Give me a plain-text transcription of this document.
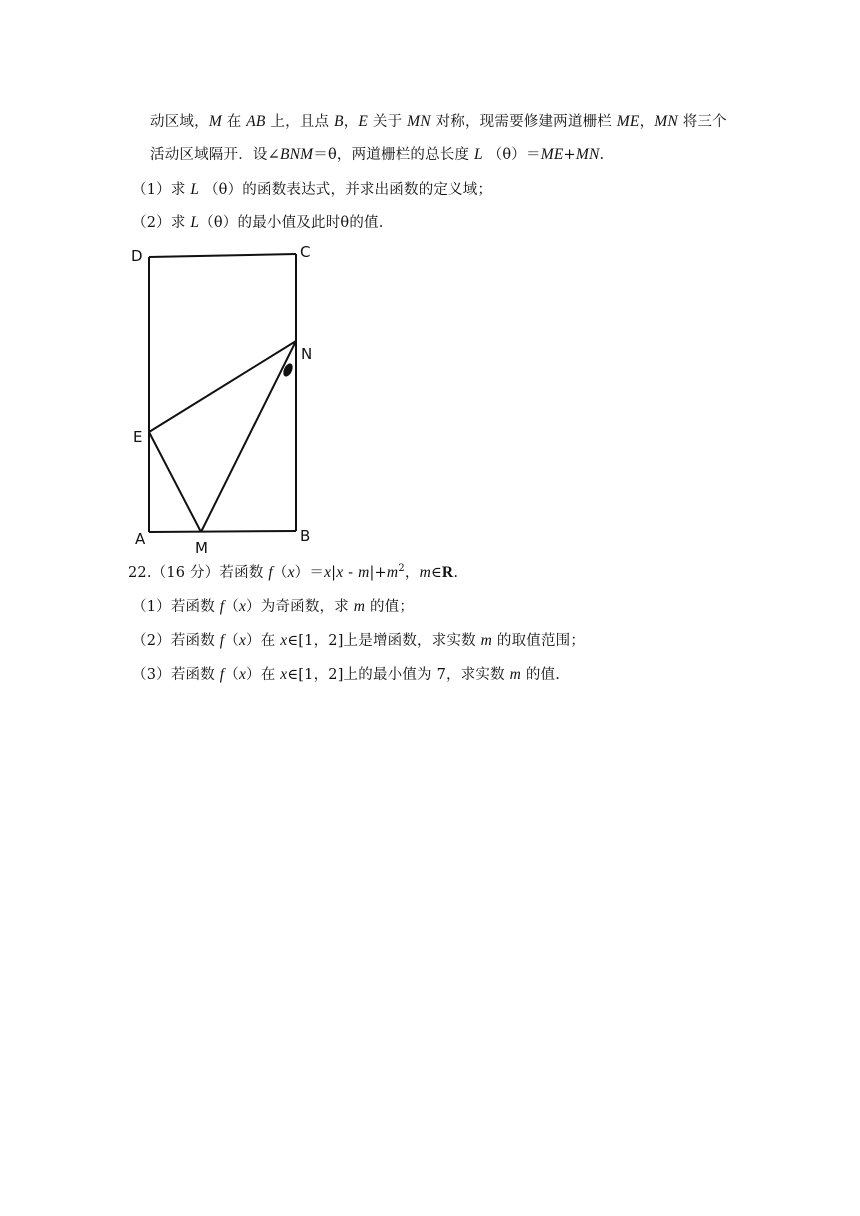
动区域，M 在 AB 上，且点 B，E 关于 MN 对称，现需要修建两道栅栏 ME，MN 将三个
活动区域隔开．设∠BNM＝θ，两道栅栏的总长度 L （θ）＝ME+MN.
（1）求 L （θ）的函数表达式，并求出函数的定义域；
（2）求 L（θ）的最小值及此时θ的值.
D	C
N
E
A	M
B
22.（16 分）若函数 f（x）＝x|x ‑ $m|+m^2$，m∈R.
（1）若函数 f（x）为奇函数，求 m 的值；
（2）若函数 f（x）在 x∈[1，2]上是增函数，求实数 m 的取值范围；
（3）若函数 f（x）在 x∈[1，2]上的最小值为 7，求实数 m 的值.
